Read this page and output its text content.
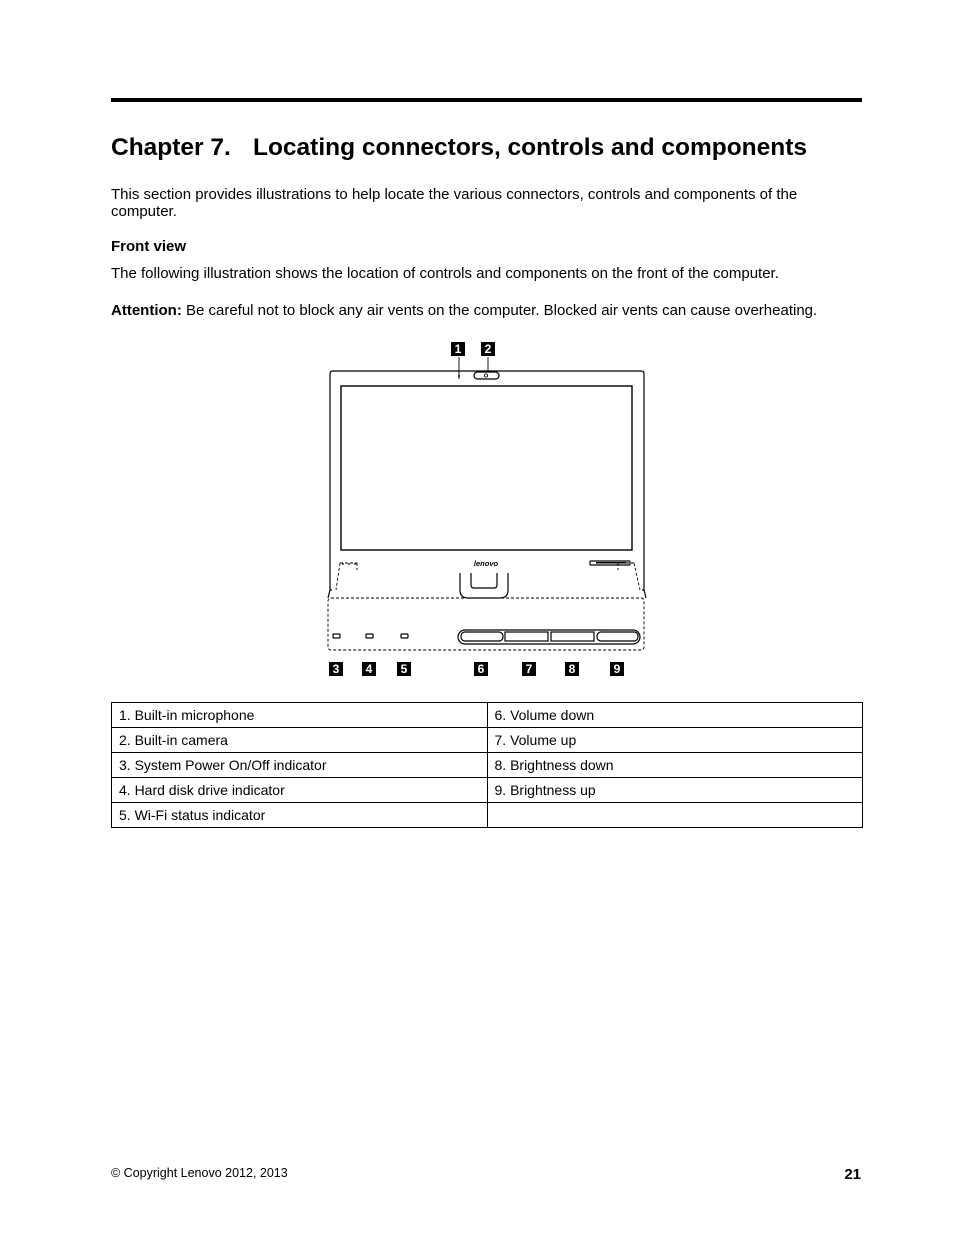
Chapter 7. Locating connectors, controls and components

This section provides illustrations to help locate the various connectors, controls and components of the computer.

Front view

The following illustration shows the location of controls and components on the front of the computer.

Attention: Be careful not to block any air vents on the computer. Blocked air vents can cause overheating.

lenovo
1	2
3	4	5	6	7	8	9
1. Built-in microphone	6. Volume down
2. Built-in camera	7. Volume up
3. System Power On/Off indicator	8. Brightness down
4. Hard disk drive indicator	9. Brightness up
5. Wi-Fi status indicator	
© Copyright Lenovo 2012, 2013	21
